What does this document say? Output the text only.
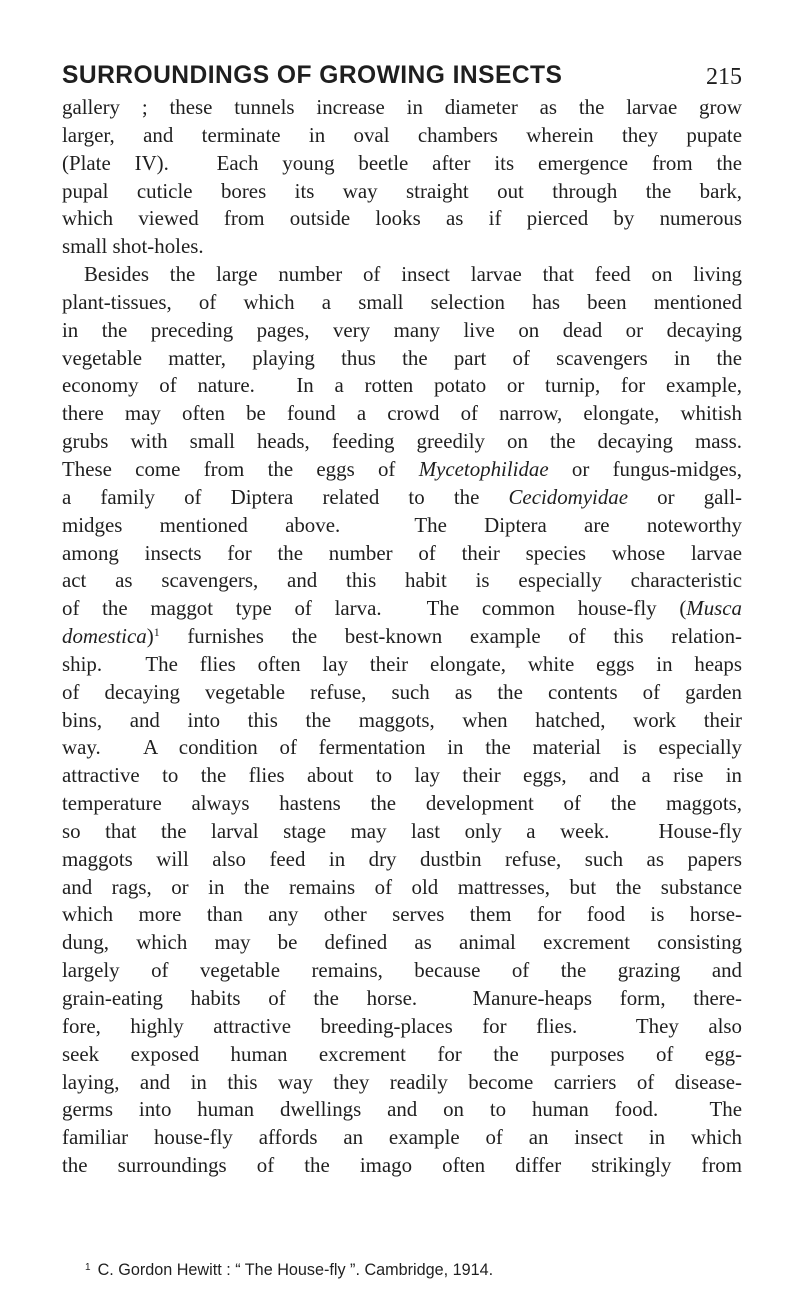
SURROUNDINGS OF GROWING INSECTS	215
gallery ; these tunnels increase in diameter as the larvae grow
larger, and terminate in oval chambers wherein they pupate
(Plate IV).  Each young beetle after its emergence from the
pupal cuticle bores its way straight out through the bark,
which viewed from outside looks as if pierced by numerous
small shot-holes.
Besides the large number of insect larvae that feed on living
plant-tissues, of which a small selection has been mentioned
in the preceding pages, very many live on dead or decaying
vegetable matter, playing thus the part of scavengers in the
economy of nature.  In a rotten potato or turnip, for example,
there may often be found a crowd of narrow, elongate, whitish
grubs with small heads, feeding greedily on the decaying mass.
These come from the eggs of Mycetophilidae or fungus-midges,
a family of Diptera related to the Cecidomyidae or gall-
midges mentioned above.  The Diptera are noteworthy
among insects for the number of their species whose larvae
act as scavengers, and this habit is especially characteristic
of the maggot type of larva.  The common house-fly (Musca
domestica)$^1$ furnishes the best-known example of this relation-
ship.  The flies often lay their elongate, white eggs in heaps
of decaying vegetable refuse, such as the contents of garden
bins, and into this the maggots, when hatched, work their
way.  A condition of fermentation in the material is especially
attractive to the flies about to lay their eggs, and a rise in
temperature always hastens the development of the maggots,
so that the larval stage may last only a week.  House-fly
maggots will also feed in dry dustbin refuse, such as papers
and rags, or in the remains of old mattresses, but the substance
which more than any other serves them for food is horse-
dung, which may be defined as animal excrement consisting
largely of vegetable remains, because of the grazing and
grain-eating habits of the horse.  Manure-heaps form, there-
fore, highly attractive breeding-places for flies.  They also
seek exposed human excrement for the purposes of egg-
laying, and in this way they readily become carriers of disease-
germs into human dwellings and on to human food.  The
familiar house-fly affords an example of an insect in which
the surroundings of the imago often differ strikingly from
$^1$ C. Gordon Hewitt : “ The House-fly ”. Cambridge, 1914.
